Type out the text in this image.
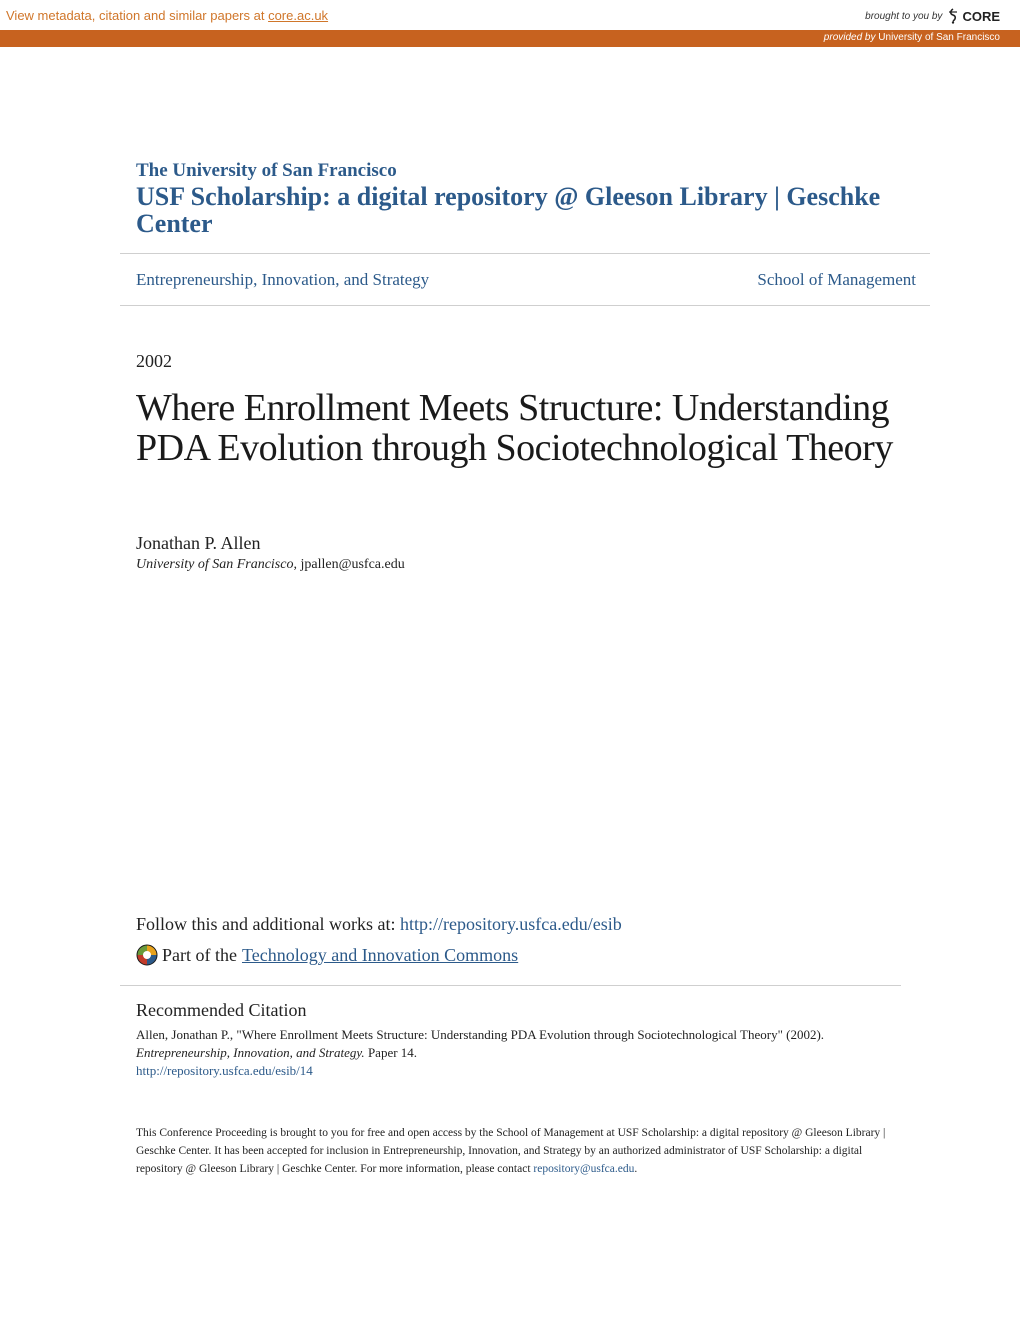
View metadata, citation and similar papers at core.ac.uk	brought to you by CORE
provided by University of San Francisco
The University of San Francisco
USF Scholarship: a digital repository @ Gleeson Library | Geschke Center
Entrepreneurship, Innovation, and Strategy	School of Management
2002
Where Enrollment Meets Structure: Understanding PDA Evolution through Sociotechnological Theory
Jonathan P. Allen
University of San Francisco, jpallen@usfca.edu
Follow this and additional works at: http://repository.usfca.edu/esib
Part of the Technology and Innovation Commons
Recommended Citation
Allen, Jonathan P., "Where Enrollment Meets Structure: Understanding PDA Evolution through Sociotechnological Theory" (2002).
Entrepreneurship, Innovation, and Strategy. Paper 14.
http://repository.usfca.edu/esib/14
This Conference Proceeding is brought to you for free and open access by the School of Management at USF Scholarship: a digital repository @ Gleeson Library | Geschke Center. It has been accepted for inclusion in Entrepreneurship, Innovation, and Strategy by an authorized administrator of USF Scholarship: a digital repository @ Gleeson Library | Geschke Center. For more information, please contact repository@usfca.edu.
